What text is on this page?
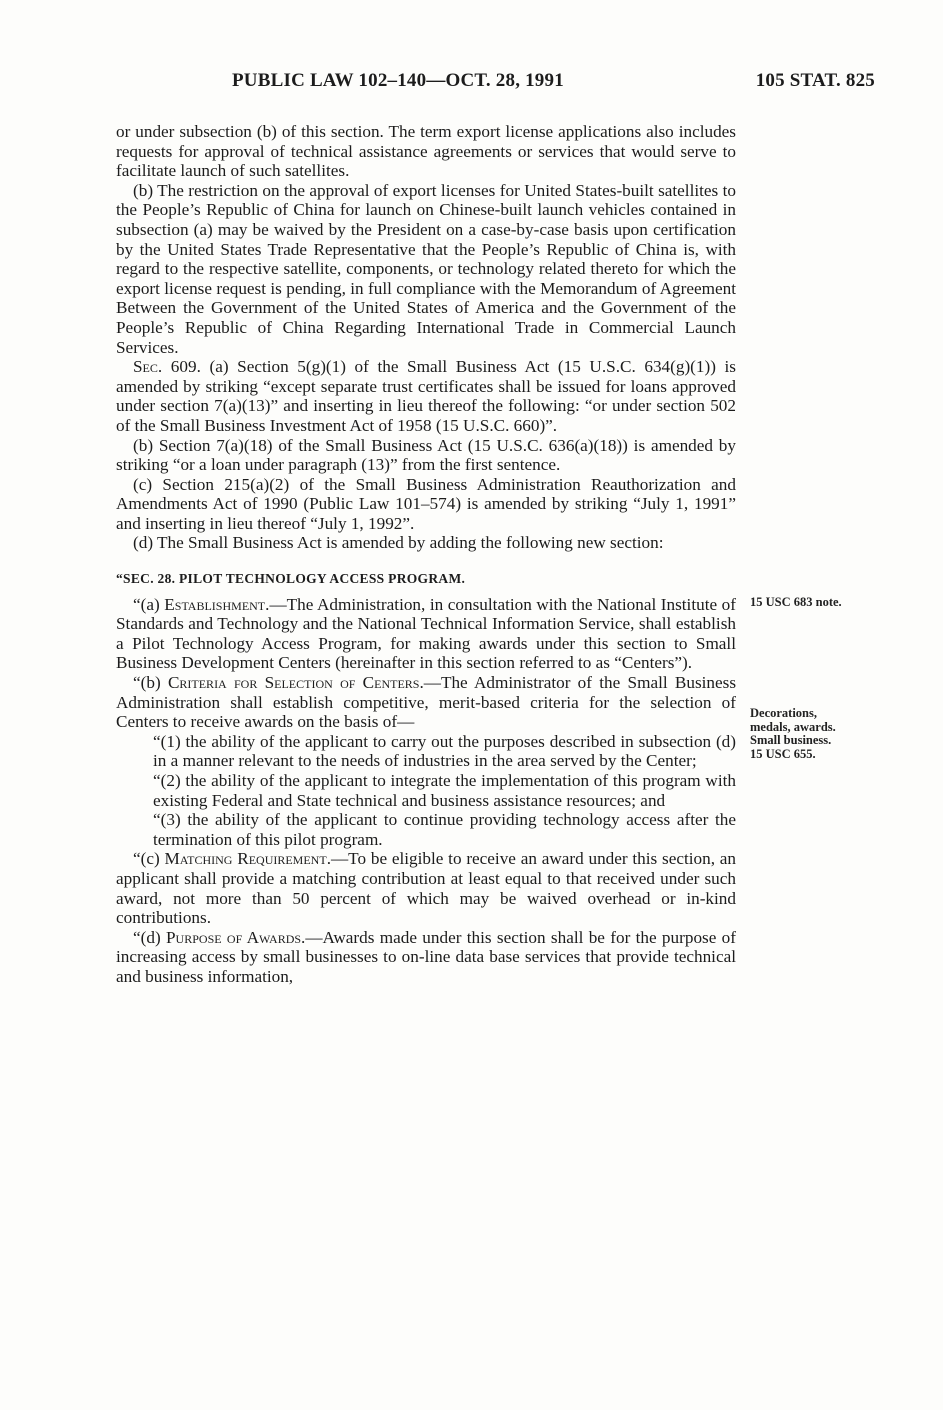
PUBLIC LAW 102–140—OCT. 28, 1991	105 STAT. 825

or under subsection (b) of this section. The term export license applications also includes requests for approval of technical assistance agreements or services that would serve to facilitate launch of such satellites.

(b) The restriction on the approval of export licenses for United States-built satellites to the People’s Republic of China for launch on Chinese-built launch vehicles contained in subsection (a) may be waived by the President on a case-by-case basis upon certification by the United States Trade Representative that the People’s Republic of China is, with regard to the respective satellite, components, or technology related thereto for which the export license request is pending, in full compliance with the Memorandum of Agreement Between the Government of the United States of America and the Government of the People’s Republic of China Regarding International Trade in Commercial Launch Services.

Sec. 609. (a) Section 5(g)(1) of the Small Business Act (15 U.S.C. 634(g)(1)) is amended by striking “except separate trust certificates shall be issued for loans approved under section 7(a)(13)” and inserting in lieu thereof the following: “or under section 502 of the Small Business Investment Act of 1958 (15 U.S.C. 660)”.

(b) Section 7(a)(18) of the Small Business Act (15 U.S.C. 636(a)(18)) is amended by striking “or a loan under paragraph (13)” from the first sentence.

(c) Section 215(a)(2) of the Small Business Administration Reauthorization and Amendments Act of 1990 (Public Law 101–574) is amended by striking “July 1, 1991” and inserting in lieu thereof “July 1, 1992”.

(d) The Small Business Act is amended by adding the following new section:

“SEC. 28. PILOT TECHNOLOGY ACCESS PROGRAM.

“(a) Establishment.—The Administration, in consultation with the National Institute of Standards and Technology and the National Technical Information Service, shall establish a Pilot Technology Access Program, for making awards under this section to Small Business Development Centers (hereinafter in this section referred to as “Centers”).

“(b) Criteria for Selection of Centers.—The Administrator of the Small Business Administration shall establish competitive, merit-based criteria for the selection of Centers to receive awards on the basis of—

“(1) the ability of the applicant to carry out the purposes described in subsection (d) in a manner relevant to the needs of industries in the area served by the Center;

“(2) the ability of the applicant to integrate the implementation of this program with existing Federal and State technical and business assistance resources; and

“(3) the ability of the applicant to continue providing technology access after the termination of this pilot program.

“(c) Matching Requirement.—To be eligible to receive an award under this section, an applicant shall provide a matching contribution at least equal to that received under such award, not more than 50 percent of which may be waived overhead or in-kind contributions.

“(d) Purpose of Awards.—Awards made under this section shall be for the purpose of increasing access by small businesses to on-line data base services that provide technical and business information,

15 USC 683 note.
Decorations,
medals, awards.
Small business.
15 USC 655.
